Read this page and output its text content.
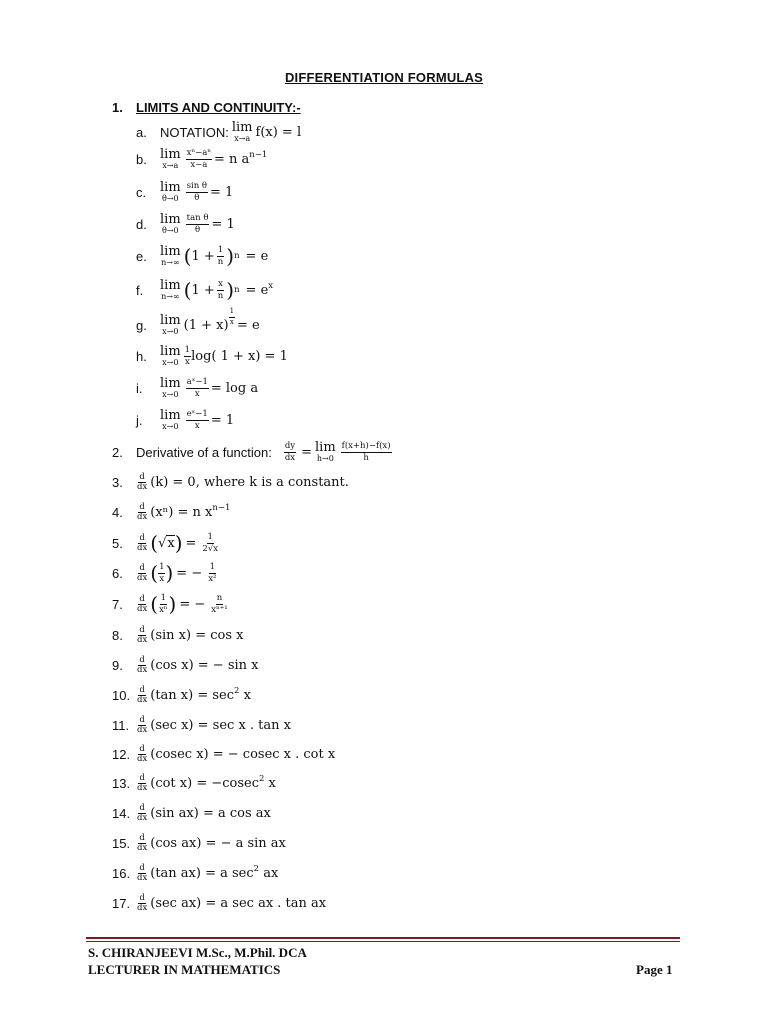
DIFFERENTIATION FORMULAS
1.	LIMITS AND CONTINUITY:-
a.	NOTATION: lim
x→a f(x) = l
b.	lim
$x\to a \frac{\text{xⁿ−aⁿ}}{x-a} = n$ $a^{n-1}$
c.	lim
$\theta\to 0 \frac{\text{sin θ}}{\theta} = 1$
d.	lim
$\theta\to 0 \frac{\text{tan θ}}{\theta} = 1$
e.	lim
n→∞ ( $1 + \frac{1}{n}$ ) n = e
f.	lim
n→∞ ( $1 + \frac{x}{n}$ ) $n = e^x$
g.	lim
x→0 $(1 + x) \frac{1}{x} = e$
h.	lim
$x\to 0 \frac{1}{x} \log$( 1 + x) = 1
i.	lim
$x\to 0 \frac{\text{aˣ−1}}{x} = \log a$
j.	lim
$x\to 0 \frac{\text{eˣ−1}}{x} = 1$
2.	Derivative of a function: $\frac{dy}{dx} = \lim$
$h\to 0 \frac{f(x+h)-f(x)}{h}$
3.	d
dx (k) = 0, where k is a constant.
4.	d
dx (xⁿ) = n $x^{n-1}$
5.	d
dx ( √ x ) = $\frac{1}{2√x}$
6.	d
dx ( $\frac{1}{x}$ ) = − $\frac{1}{\text{x²}}$
7.	d
dx ( $\frac{1}{\text{xⁿ}}$ ) = − $\frac{n}{\text{xⁿ⁺¹}}$
8.	d
dx (sin x) = cos x
9.	d
dx (cos x) = − sin x
10.	d
dx (tan $x) = \sec^2 x$
11.	d
dx (sec x) = sec x . tan x
12.	d
dx (cosec x) = − cosec x . cot x
13.	d
dx (cot x) = −cosec$^2$ x
14.	d
dx (sin ax) = a cos ax
15.	d
dx (cos ax) = − a sin ax
16.	d
dx (tan ax) = a $\sec^2$ ax
17.	d
dx (sec ax) = a sec ax . tan ax
S. CHIRANJEEVI M.Sc., M.Phil. DCA
LECTURER IN MATHEMATICS	Page 1
